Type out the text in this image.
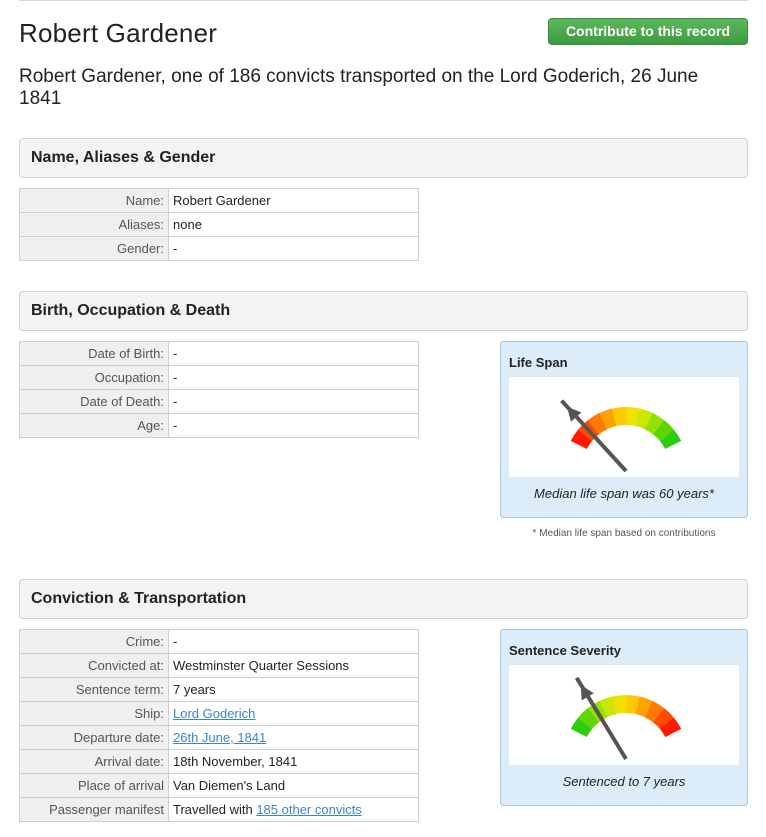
Robert Gardener	Contribute to this record
Robert Gardener, one of 186 convicts transported on the Lord Goderich, 26 June 1841
Name, Aliases & Gender
Name:	Robert Gardener
Aliases:	none
Gender:	-
Birth, Occupation & Death
Date of Birth:	-
Occupation:	-
Date of Death:	-
Age:	-
Life Span
Median life span was 60 years*
* Median life span based on contributions
Conviction & Transportation
Crime:	-
Convicted at:	Westminster Quarter Sessions
Sentence term:	7 years
Ship:	Lord Goderich
Departure date:	26th June, 1841
Arrival date:	18th November, 1841
Place of arrival	Van Diemen's Land
Passenger manifest	Travelled with 185 other convicts
Sentence Severity
Sentenced to 7 years
